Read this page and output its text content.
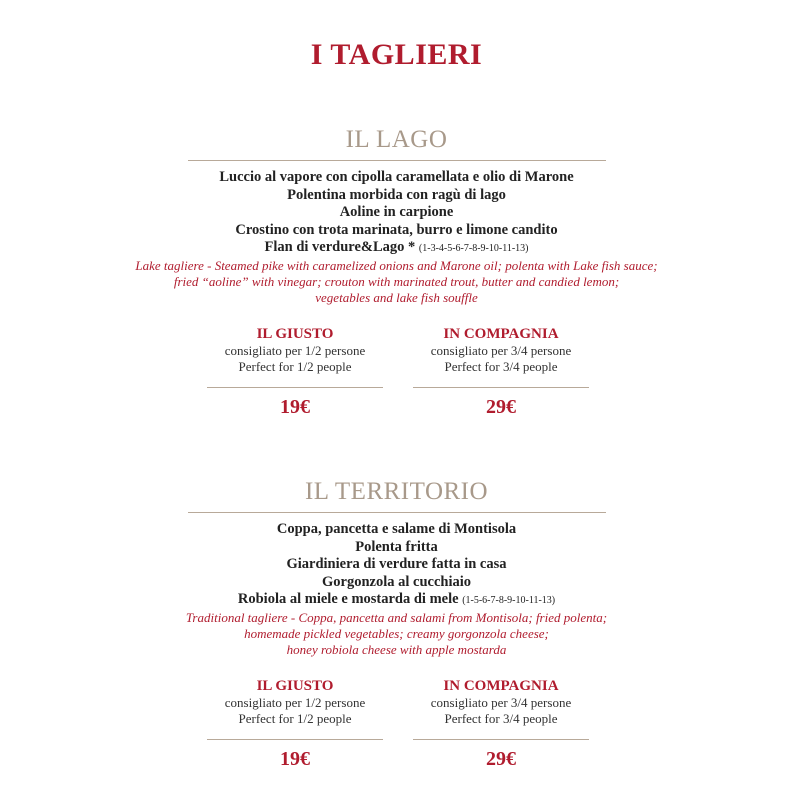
I TAGLIERI
IL LAGO
Luccio al vapore con cipolla caramellata e olio di Marone
Polentina morbida con ragù di lago
Aoline in carpione
Crostino con trota marinata, burro e limone candito
Flan di verdure&Lago * (1-3-4-5-6-7-8-9-10-11-13)
Lake tagliere - Steamed pike with caramelized onions and Marone oil; polenta with Lake fish sauce;
fried “aoline” with vinegar; crouton with marinated trout, butter and candied lemon;
vegetables and lake fish souffle
IL GIUSTO

consigliato per 1/2 persone

Perfect for 1/2 people

19€
IN COMPAGNIA

consigliato per 3/4 persone

Perfect for 3/4 people

29€
IL TERRITORIO
Coppa, pancetta e salame di Montisola
Polenta fritta
Giardiniera di verdure fatta in casa
Gorgonzola al cucchiaio
Robiola al miele e mostarda di mele (1-5-6-7-8-9-10-11-13)
Traditional tagliere - Coppa, pancetta and salami from Montisola; fried polenta;
homemade pickled vegetables; creamy gorgonzola cheese;
honey robiola cheese with apple mostarda
IL GIUSTO

consigliato per 1/2 persone

Perfect for 1/2 people

19€
IN COMPAGNIA

consigliato per 3/4 persone

Perfect for 3/4 people

29€
